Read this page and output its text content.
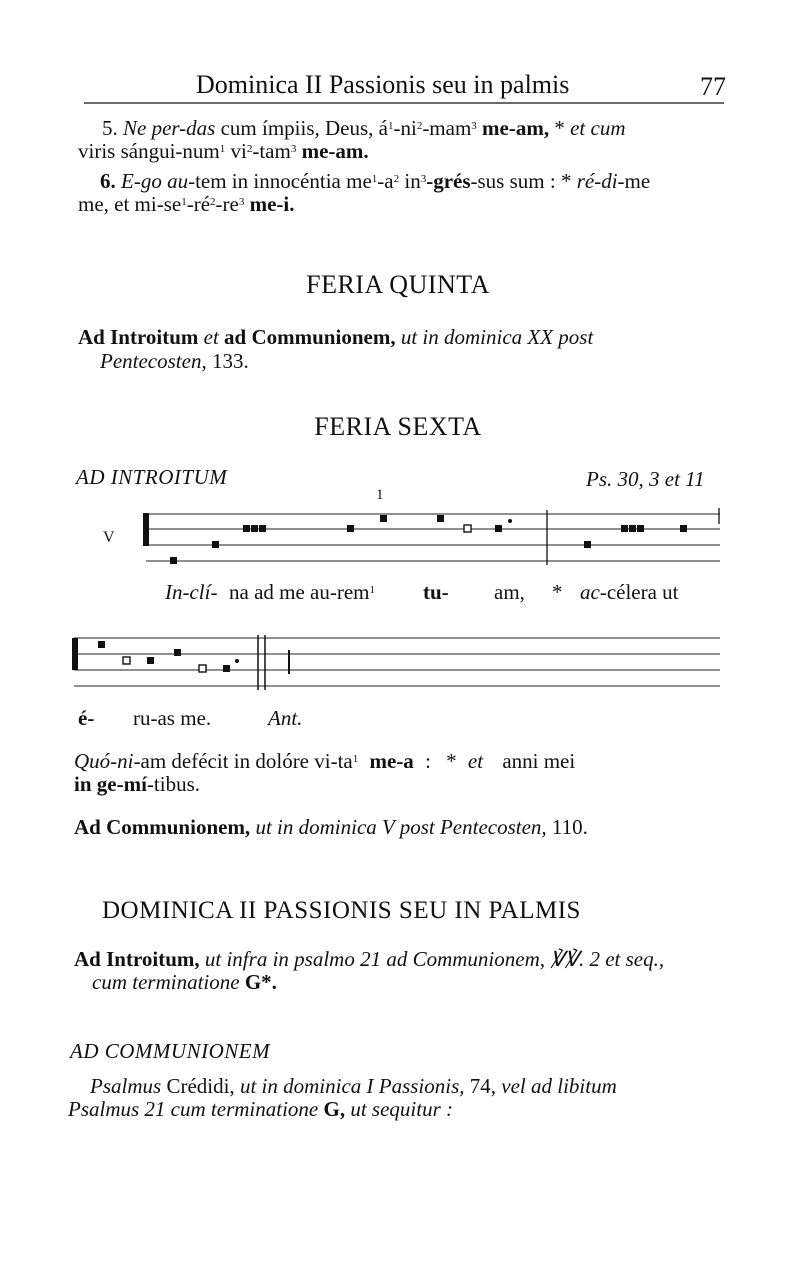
Dominica II Passionis seu in palmis	77
5. Ne per-das cum ímpiis, Deus, $á^1-ni^2-mam^3$ me-am, * et cum
viris sángui-num$^1$ $vi^2-tam^3$ me-am.
6. E-go au-tem in innocéntia $me^1-a^2$ $in^3-grés$-sus sum : * ré-di-me
me, et $mi-se^1-ré^2-re^3$ me-i.
FERIA QUINTA
Ad Introitum et ad Communionem, ut in dominica XX post
Pentecosten, 133.
FERIA SEXTA
AD INTROITUM	Ps. 30, 3 et 11
1
V
In-clí- na ad me au-rem$^1$ tu- am, * ac-célera ut
é- ru-as me.	Ant.
Quó-ni-am defécit in dolóre $vi-ta^1$ me-a : * et anni mei
in ge-mí-tibus.
Ad Communionem, ut in dominica V post Pentecosten, 110.
DOMINICA II PASSIONIS SEU IN PALMIS
Ad Introitum, ut infra in psalmo 21 ad Communionem, ℣℣. 2 et seq.,
cum terminatione G*.
AD COMMUNIONEM
Psalmus Crédidi, ut in dominica I Passionis, 74, vel ad libitum
Psalmus 21 cum terminatione G, ut sequitur :
